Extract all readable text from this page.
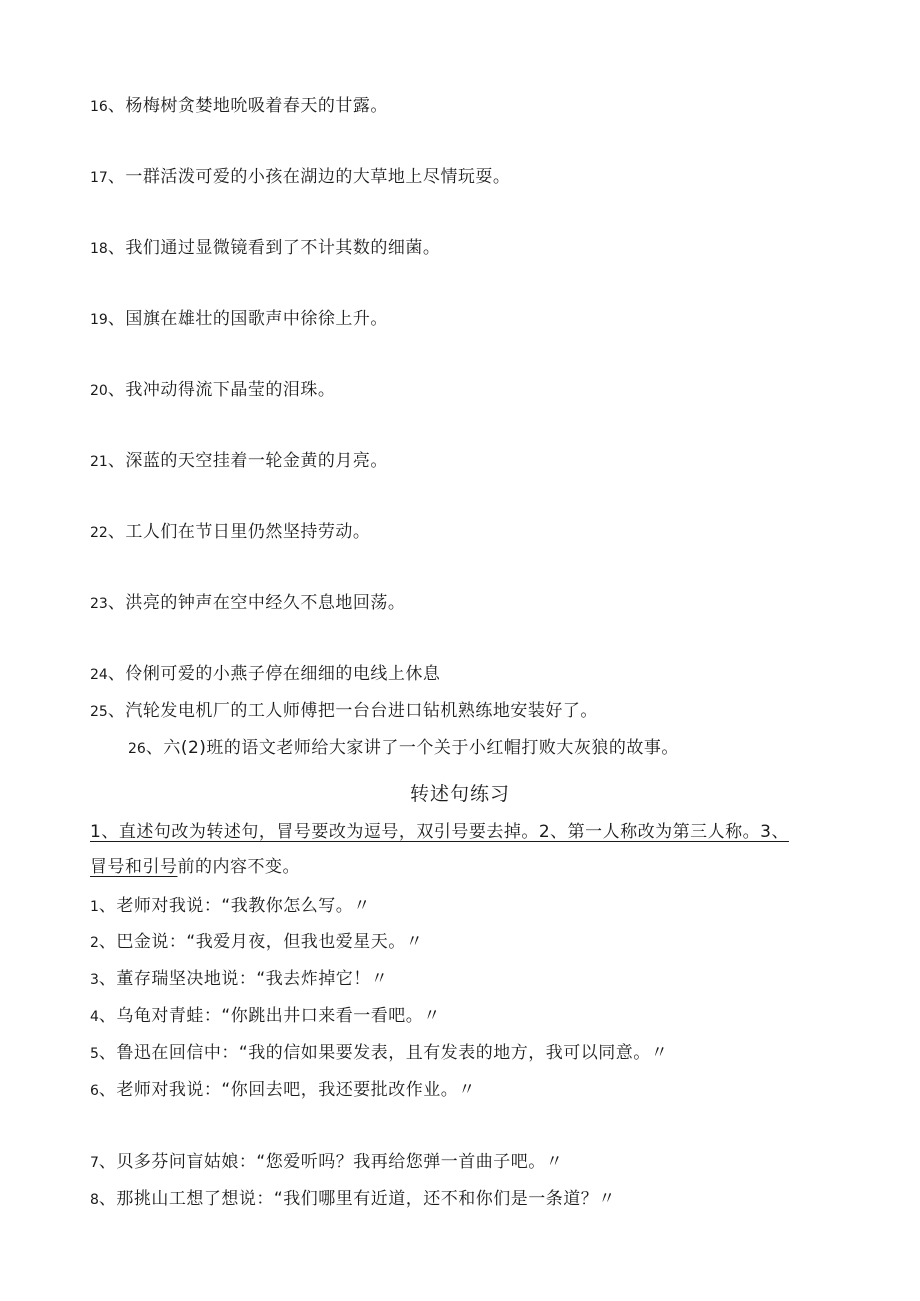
16、杨梅树贪婪地吮吸着春天的甘露。
17、一群活泼可爱的小孩在湖边的大草地上尽情玩耍。
18、我们通过显微镜看到了不计其数的细菌。
19、国旗在雄壮的国歌声中徐徐上升。
20、我冲动得流下晶莹的泪珠。
21、深蓝的天空挂着一轮金黄的月亮。
22、工人们在节日里仍然坚持劳动。
23、洪亮的钟声在空中经久不息地回荡。
24、伶俐可爱的小燕子停在细细的电线上休息
25、汽轮发电机厂的工人师傅把一台台进口钻机熟练地安装好了。
26、六(2)班的语文老师给大家讲了一个关于小红帽打败大灰狼的故事。
转述句练习
1、直述句改为转述句，冒号要改为逗号，双引号要去掉。2、第一人称改为第三人称。3、
冒号和引号前的内容不变。
1、老师对我说：“我教你怎么写。〃
2、巴金说：“我爱月夜，但我也爱星天。〃
3、董存瑞坚决地说：“我去炸掉它！〃
4、乌龟对青蛙：“你跳出井口来看一看吧。〃
5、鲁迅在回信中：“我的信如果要发表，且有发表的地方，我可以同意。〃
6、老师对我说：“你回去吧，我还要批改作业。〃
7、贝多芬问盲姑娘：“您爱听吗？我再给您弹一首曲子吧。〃
8、那挑山工想了想说：“我们哪里有近道，还不和你们是一条道？〃
